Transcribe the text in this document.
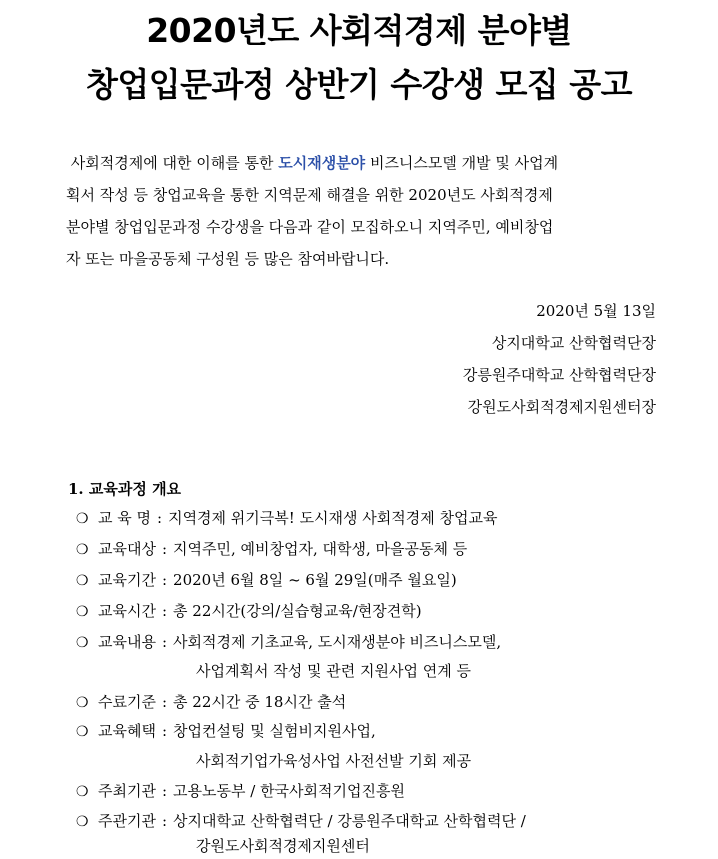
2020년도 사회적경제 분야별
창업입문과정 상반기 수강생 모집 공고
사회적경제에 대한 이해를 통한 도시재생분야 비즈니스모델 개발 및 사업계
획서 작성 등 창업교육을 통한 지역문제 해결을 위한 2020년도 사회적경제
분야별 창업입문과정 수강생을 다음과 같이 모집하오니 지역주민, 예비창업
자 또는 마을공동체 구성원 등 많은 참여바랍니다.
2020년 5월 13일
상지대학교 산학협력단장
강릉원주대학교 산학협력단장
강원도사회적경제지원센터장
1. 교육과정 개요
❍ 교 육 명 : 지역경제 위기극복! 도시재생 사회적경제 창업교육
❍ 교육대상 : 지역주민, 예비창업자, 대학생, 마을공동체 등
❍ 교육기간 : 2020년 6월 8일 ~ 6월 29일(매주 월요일)
❍ 교육시간 : 총 22시간(강의/실습형교육/현장견학)
❍ 교육내용 : 사회적경제 기초교육, 도시재생분야 비즈니스모델,
사업계획서 작성 및 관련 지원사업 연계 등
❍ 수료기준 : 총 22시간 중 18시간 출석
❍ 교육혜택 : 창업컨설팅 및 실험비지원사업,
사회적기업가육성사업 사전선발 기회 제공
❍ 주최기관 : 고용노동부 / 한국사회적기업진흥원
❍ 주관기관 : 상지대학교 산학협력단 / 강릉원주대학교 산학협력단 /
강원도사회적경제지원센터
